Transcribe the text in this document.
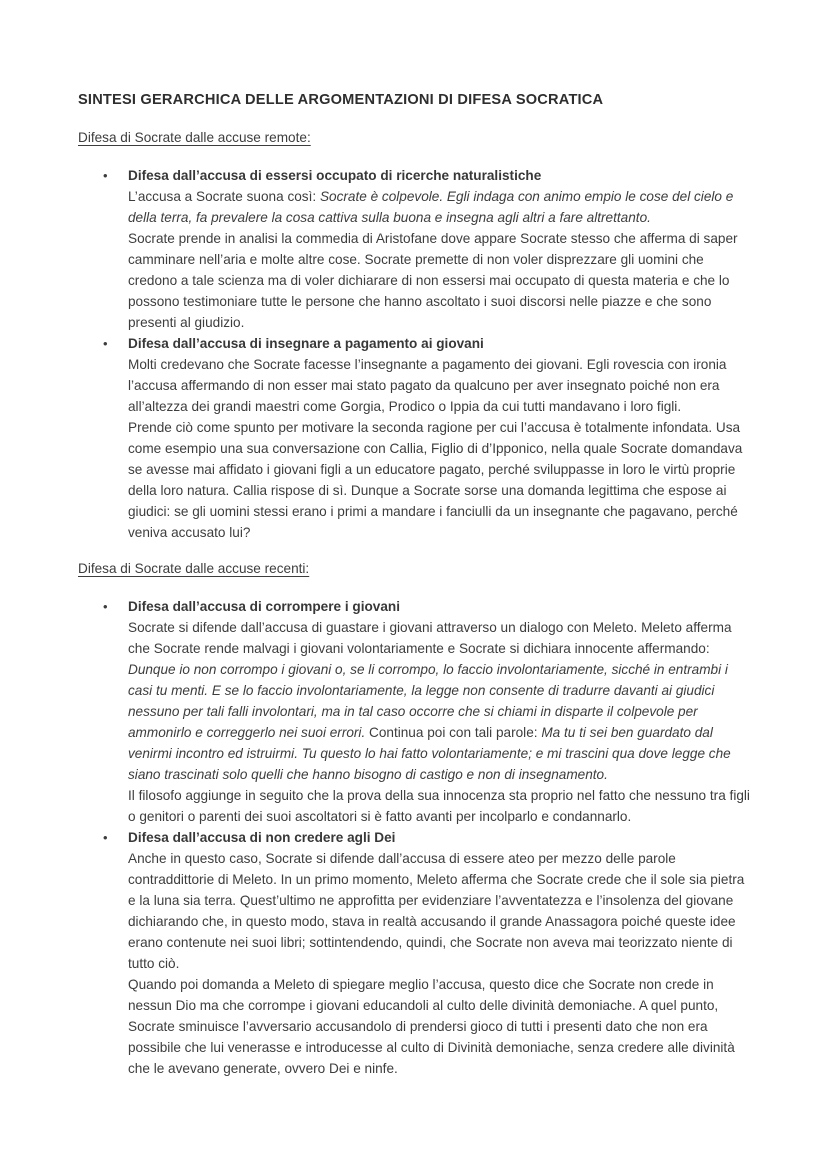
SINTESI GERARCHICA DELLE ARGOMENTAZIONI DI DIFESA SOCRATICA

Difesa di Socrate dalle accuse remote:

•	Difesa dall’accusa di essersi occupato di ricerche naturalistiche
L’accusa a Socrate suona così: Socrate è colpevole. Egli indaga con animo empio le cose del cielo e della terra, fa prevalere la cosa cattiva sulla buona e insegna agli altri a fare altrettanto.
Socrate prende in analisi la commedia di Aristofane dove appare Socrate stesso che afferma di saper camminare nell’aria e molte altre cose. Socrate premette di non voler disprezzare gli uomini che credono a tale scienza ma di voler dichiarare di non essersi mai occupato di questa materia e che lo possono testimoniare tutte le persone che hanno ascoltato i suoi discorsi nelle piazze e che sono presenti al giudizio.
•	Difesa dall’accusa di insegnare a pagamento ai giovani
Molti credevano che Socrate facesse l’insegnante a pagamento dei giovani. Egli rovescia con ironia l’accusa affermando di non esser mai stato pagato da qualcuno per aver insegnato poiché non era all’altezza dei grandi maestri come Gorgia, Prodico o Ippia da cui tutti mandavano i loro figli.
Prende ciò come spunto per motivare la seconda ragione per cui l’accusa è totalmente infondata. Usa come esempio una sua conversazione con Callia, Figlio di d’Ipponico, nella quale Socrate domandava se avesse mai affidato i giovani figli a un educatore pagato, perché sviluppasse in loro le virtù proprie della loro natura. Callia rispose di sì. Dunque a Socrate sorse una domanda legittima che espose ai giudici: se gli uomini stessi erano i primi a mandare i fanciulli da un insegnante che pagavano, perché veniva accusato lui?

Difesa di Socrate dalle accuse recenti:

•	Difesa dall’accusa di corrompere i giovani
Socrate si difende dall’accusa di guastare i giovani attraverso un dialogo con Meleto. Meleto afferma che Socrate rende malvagi i giovani volontariamente e Socrate si dichiara innocente affermando: Dunque io non corrompo i giovani o, se li corrompo, lo faccio involontariamente, sicché in entrambi i casi tu menti. E se lo faccio involontariamente, la legge non consente di tradurre davanti ai giudici nessuno per tali falli involontari, ma in tal caso occorre che si chiami in disparte il colpevole per ammonirlo e correggerlo nei suoi errori. Continua poi con tali parole: Ma tu ti sei ben guardato dal venirmi incontro ed istruirmi. Tu questo lo hai fatto volontariamente; e mi trascini qua dove legge che siano trascinati solo quelli che hanno bisogno di castigo e non di insegnamento.
Il filosofo aggiunge in seguito che la prova della sua innocenza sta proprio nel fatto che nessuno tra figli o genitori o parenti dei suoi ascoltatori si è fatto avanti per incolparlo e condannarlo.
•	Difesa dall’accusa di non credere agli Dei
Anche in questo caso, Socrate si difende dall’accusa di essere ateo per mezzo delle parole contraddittorie di Meleto. In un primo momento, Meleto afferma che Socrate crede che il sole sia pietra e la luna sia terra. Quest’ultimo ne approfitta per evidenziare l’avventatezza e l’insolenza del giovane dichiarando che, in questo modo, stava in realtà accusando il grande Anassagora poiché queste idee erano contenute nei suoi libri; sottintendendo, quindi, che Socrate non aveva mai teorizzato niente di tutto ciò.
Quando poi domanda a Meleto di spiegare meglio l’accusa, questo dice che Socrate non crede in nessun Dio ma che corrompe i giovani educandoli al culto delle divinità demoniache. A quel punto, Socrate sminuisce l’avversario accusandolo di prendersi gioco di tutti i presenti dato che non era possibile che lui venerasse e introducesse al culto di Divinità demoniache, senza credere alle divinità che le avevano generate, ovvero Dei e ninfe.
